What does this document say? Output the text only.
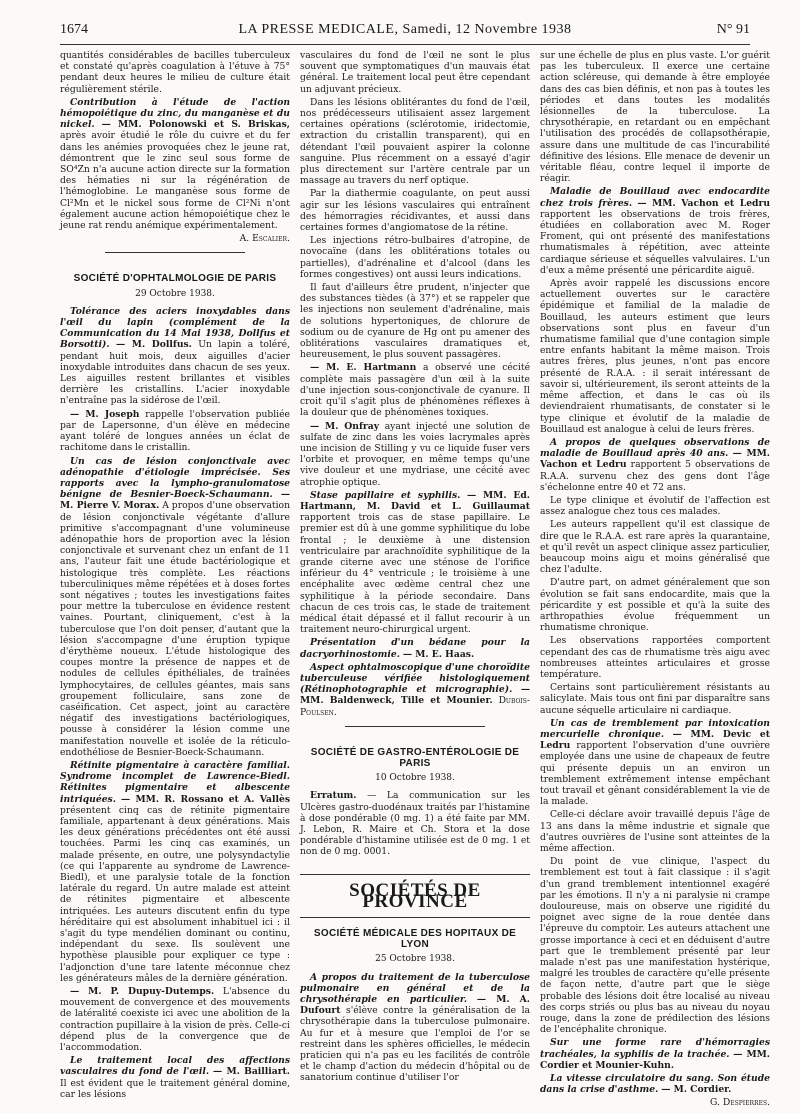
1674	LA PRESSE MEDICALE, Samedi, 12 Novembre 1938	N° 91

quantités considérables de bacilles tuberculeux et constaté qu'après coagulation à l'étuve à 75° pendant deux heures le milieu de culture était régulièrement stérile.

Contribution à l'étude de l'action hémopoiétique du zinc, du manganèse et du nickel. — MM. Polonowski et S. Briskas, après avoir étudié le rôle du cuivre et du fer dans les anémies provoquées chez le jeune rat, démontrent que le zinc seul sous forme de SO⁴Zn n'a aucune action directe sur la formation des hématies ni sur la régénération de l'hémoglobine. Le manganèse sous forme de Cl²Mn et le nickel sous forme de Cl²Ni n'ont également aucune action hémopoiétique chez le jeune rat rendu anémique expérimentalement.

A. Escalier.
SOCIÉTÉ D'OPHTALMOLOGIE DE PARIS
29 Octobre 1938.

Tolérance des aciers inoxydables dans l'œil du lapin (complément de la Communication du 14 Mai 1938, Dollfus et Borsotti). — M. Dollfus. Un lapin a toléré, pendant huit mois, deux aiguilles d'acier inoxydable introduites dans chacun de ses yeux. Les aiguilles restent brillantes et visibles derrière les cristallins. L'acier inoxydable n'entraîne pas la sidérose de l'œil.

— M. Joseph rappelle l'observation publiée par de Lapersonne, d'un élève en médecine ayant toléré de longues années un éclat de rachitome dans le cristallin.

Un cas de lésion conjonctivale avec adénopathie d'étiologie imprécisée. Ses rapports avec la lympho-granulomatose bénigne de Besnier-Boeck-Schaumann. — M. Pierre V. Morax. A propos d'une observation de lésion conjonctivale végétante d'allure primitive s'accompagnant d'une volumineuse adénopathie hors de proportion avec la lésion conjonctivale et survenant chez un enfant de 11 ans, l'auteur fait une étude bactériologique et histologique très complète. Les réactions tuberculiniques même répétées et à doses fortes sont négatives ; toutes les investigations faites pour mettre la tuberculose en évidence restent vaines. Pourtant, cliniquement, c'est à la tuberculose que l'on doit penser, d'autant que la lésion s'accompagne d'une éruption typique d'érythème noueux. L'étude histologique des coupes montre la présence de nappes et de nodules de cellules épithéliales, de traînées lymphocytaires, de cellules géantes, mais sans groupement folliculaire, sans zone de caséification. Cet aspect, joint au caractère négatif des investigations bactériologiques, pousse à considérer la lésion comme une manifestation nouvelle et isolée de la réticulo-endothéliose de Besnier-Boeck-Schaumann.

Rétinite pigmentaire à caractère familial. Syndrome incomplet de Lawrence-Biedl. Rétinites pigmentaire et albescente intriquées. — MM. R. Rossano et A. Vallès présentent cinq cas de rétinite pigmentaire familiale, appartenant à deux générations. Mais les deux générations précédentes ont été aussi touchées. Parmi les cinq cas examinés, un malade présente, en outre, une polysyndactylie (ce qui l'apparente au syndrome de Lawrence-Biedl), et une paralysie totale de la fonction latérale du regard. Un autre malade est atteint de rétinites pigmentaire et albescente intriquées. Les auteurs discutent enfin du type héréditaire qui est absolument inhabituel ici : il s'agit du type mendélien dominant ou continu, indépendant du sexe. Ils soulèvent une hypothèse plausible pour expliquer ce type : l'adjonction d'une tare latente méconnue chez les générateurs mâles de la dernière génération.

— M. P. Dupuy-Dutemps. L'absence du mouvement de convergence et des mouvements de latéralité coexiste ici avec une abolition de la contraction pupillaire à la vision de près. Celle-ci dépend plus de la convergence que de l'accommodation.

Le traitement local des affections vasculaires du fond de l'œil. — M. Bailliart. Il est évident que le traitement général domine, car les lésions

vasculaires du fond de l'œil ne sont le plus souvent que symptomatiques d'un mauvais état général. Le traitement local peut être cependant un adjuvant précieux.

Dans les lésions oblitérantes du fond de l'œil, nos prédécesseurs utilisaient assez largement certaines opérations (sclérotomie, iridectomie, extraction du cristallin transparent), qui en détendant l'œil pouvaient aspirer la colonne sanguine. Plus récemment on a essayé d'agir plus directement sur l'artère centrale par un massage au travers du nerf optique.

Par la diathermie coagulante, on peut aussi agir sur les lésions vasculaires qui entraînent des hémorragies récidivantes, et aussi dans certaines formes d'angiomatose de la rétine.

Les injections rétro-bulbaires d'atropine, de novocaïne (dans les oblitérations totales ou partielles), d'adrénaline et d'alcool (dans les formes congestives) ont aussi leurs indications.

Il faut d'ailleurs être prudent, n'injecter que des substances tièdes (à 37°) et se rappeler que les injections non seulement d'adrénaline, mais de solutions hypertoniques, de chlorure de sodium ou de cyanure de Hg ont pu amener des oblitérations vasculaires dramatiques et, heureusement, le plus souvent passagères.

— M. E. Hartmann a observé une cécité complète mais passagère d'un œil à la suite d'une injection sous-conjonctivale de cyanure. Il croit qu'il s'agit plus de phénomènes réflexes à la douleur que de phénomènes toxiques.

— M. Onfray ayant injecté une solution de sulfate de zinc dans les voies lacrymales après une incision de Stilling y vu ce liquide fuser vers l'orbite et provoquer, en même temps qu'une vive douleur et une mydriase, une cécité avec atrophie optique.

Stase papillaire et syphilis. — MM. Ed. Hartmann, M. David et L. Guillaumat rapportent trois cas de stase papillaire. Le premier est dû à une gomme syphilitique du lobe frontal ; le deuxième à une distension ventriculaire par arachnoïdite syphilitique de la grande citerne avec une sténose de l'orifice inférieur du 4° ventricule ; le troisième à une encéphalite avec œdème central chez une syphilitique à la période secondaire. Dans chacun de ces trois cas, le stade de traitement médical était dépassé et il fallut recourir à un traitement neuro-chirurgical urgent.

Présentation d'un bédane pour la dacryorhinostomie. — M. E. Haas.

Aspect ophtalmoscopique d'une choroïdite tuberculeuse vérifiée histologiquement (Rétinophotographie et micrographie). — MM. Baldenweck, Tille et Mounier. Dubois-Poulsen.

SOCIÉTÉ DE GASTRO-ENTÉROLOGIE DE PARIS
10 Octobre 1938.

Erratum. — La communication sur les Ulcères gastro-duodénaux traités par l'histamine à dose pondérable (0 mg. 1) a été faite par MM. J. Lebon, R. Maire et Ch. Stora et la dose pondérable d'histamine utilisée est de 0 mg. 1 et non de 0 mg. 0001.

SOCIÉTÉS DE PROVINCE
SOCIÉTÉ MÉDICALE DES HOPITAUX DE LYON
25 Octobre 1938.

A propos du traitement de la tuberculose pulmonaire en général et de la chrysothérapie en particulier. — M. A. Dufourt s'élève contre la généralisation de la chrysothérapie dans la tuberculose pulmonaire. Au fur et à mesure que l'emploi de l'or se restreint dans les sphères officielles, le médecin praticien qui n'a pas eu les facilités de contrôle et le champ d'action du médecin d'hôpital ou de sanatorium continue d'utiliser l'or

sur une échelle de plus en plus vaste. L'or guérit pas les tuberculeux. Il exerce une certaine action scléreuse, qui demande à être employée dans des cas bien définis, et non pas à toutes les périodes et dans toutes les modalités lésionnelles de la tuberculose. La chrysothérapie, en retardant ou en empêchant l'utilisation des procédés de collapsothérapie, assure dans une multitude de cas l'incurabilité définitive des lésions. Elle menace de devenir un véritable fléau, contre lequel il importe de réagir.

Maladie de Bouillaud avec endocardite chez trois frères. — MM. Vachon et Ledru rapportent les observations de trois frères, étudiées en collaboration avec M. Roger Froment, qui ont présenté des manifestations rhumatismales à répétition, avec atteinte cardiaque sérieuse et séquelles valvulaires. L'un d'eux a même présenté une péricardite aiguë.

Après avoir rappelé les discussions encore actuellement ouvertes sur le caractère épidémique et familial de la maladie de Bouillaud, les auteurs estiment que leurs observations sont plus en faveur d'un rhumatisme familial que d'une contagion simple entre enfants habitant la même maison. Trois autres frères, plus jeunes, n'ont pas encore présenté de R.A.A. : il serait intéressant de savoir si, ultérieurement, ils seront atteints de la même affection, et dans le cas où ils deviendraient rhumatisants, de constater si le type clinique et évolutif de la maladie de Bouillaud est analogue à celui de leurs frères.

A propos de quelques observations de maladie de Bouillaud après 40 ans. — MM. Vachon et Ledru rapportent 5 observations de R.A.A. survenu chez des gens dont l'âge s'échelonne entre 40 et 72 ans.

Le type clinique et évolutif de l'affection est assez analogue chez tous ces malades.

Les auteurs rappellent qu'il est classique de dire que le R.A.A. est rare après la quarantaine, et qu'il revêt un aspect clinique assez particulier, beaucoup moins aigu et moins généralisé que chez l'adulte.

D'autre part, on admet généralement que son évolution se fait sans endocardite, mais que la péricardite y est possible et qu'à la suite des arthropathies évolue fréquemment un rhumatisme chronique.

Les observations rapportées comportent cependant des cas de rhumatisme très aigu avec nombreuses atteintes articulaires et grosse température.

Certains sont particulièrement résistants au salicylate. Mais tous ont fini par disparaître sans aucune séquelle articulaire ni cardiaque.

Un cas de tremblement par intoxication mercurielle chronique. — MM. Devic et Ledru rapportent l'observation d'une ouvrière employée dans une usine de chapeaux de feutre qui présente depuis un an environ un tremblement extrêmement intense empêchant tout travail et gênant considérablement la vie de la malade.

Celle-ci déclare avoir travaillé depuis l'âge de 13 ans dans la même industrie et signale que d'autres ouvrières de l'usine sont atteintes de la même affection.

Du point de vue clinique, l'aspect du tremblement est tout à fait classique : il s'agit d'un grand tremblement intentionnel exagéré par les émotions. Il n'y a ni paralysie ni crampe douloureuse, mais on observe une rigidité du poignet avec signe de la roue dentée dans l'épreuve du comptoir. Les auteurs attachent une grosse importance à ceci et en déduisent d'autre part que le tremblement présenté par leur malade n'est pas une manifestation hystérique, malgré les troubles de caractère qu'elle présente de façon nette, d'autre part que le siège probable des lésions doit être localisé au niveau des corps striés ou plus bas au niveau du noyau rouge, dans la zone de prédilection des lésions de l'encéphalite chronique.

Sur une forme rare d'hémorragies trachéales, la syphilis de la trachée. — MM. Cordier et Mounier-Kuhn.

La vitesse circulatoire du sang. Son étude dans la crise d'asthme. — M. Cordier.

G. Despierres.
